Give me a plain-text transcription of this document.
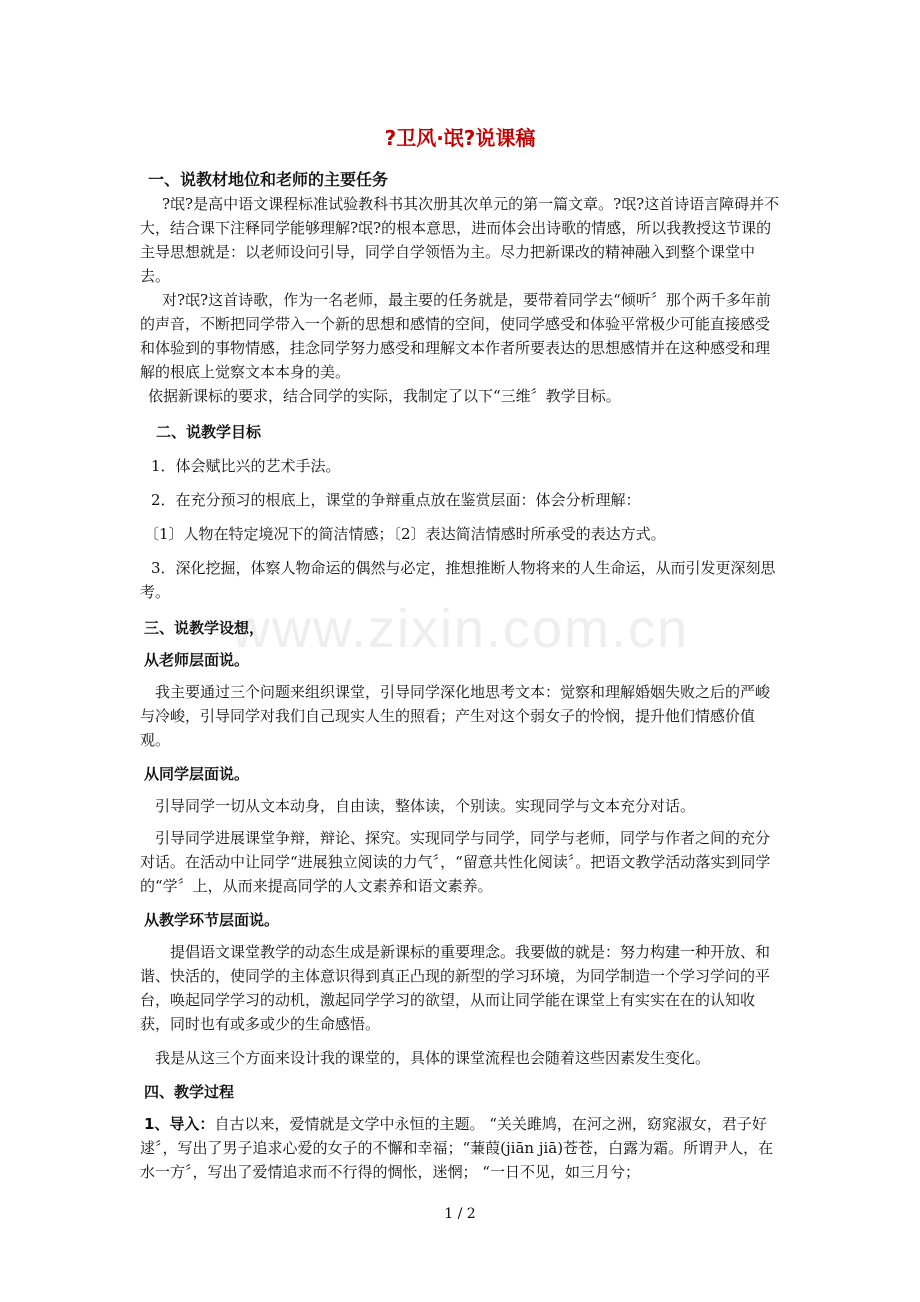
?卫风·氓?说课稿
www.zixin.com.cn

一、说教材地位和老师的主要任务

?氓?是高中语文课程标准试验教科书其次册其次单元的第一篇文章。?氓?这首诗语言障碍并不大，结合课下注释同学能够理解?氓?的根本意思，进而体会出诗歌的情感，所以我教授这节课的主导思想就是：以老师设问引导，同学自学领悟为主。尽力把新课改的精神融入到整个课堂中去。

对?氓?这首诗歌，作为一名老师，最主要的任务就是，要带着同学去“倾听〞那个两千多年前的声音，不断把同学带入一个新的思想和感情的空间，使同学感受和体验平常极少可能直接感受和体验到的事物情感，挂念同学努力感受和理解文本作者所要表达的思想感情并在这种感受和理解的根底上觉察文本本身的美。

依据新课标的要求，结合同学的实际，我制定了以下“三维〞教学目标。

二、说教学目标

1．体会赋比兴的艺术手法。

2．在充分预习的根底上，课堂的争辩重点放在鉴赏层面：体会分析理解：

〔1〕人物在特定境况下的简洁情感；〔2〕表达简洁情感时所承受的表达方式。

3．深化挖掘，体察人物命运的偶然与必定，推想推断人物将来的人生命运，从而引发更深刻思考。

三、说教学设想，

从老师层面说。

我主要通过三个问题来组织课堂，引导同学深化地思考文本：觉察和理解婚姻失败之后的严峻　与冷峻，引导同学对我们自己现实人生的照看；产生对这个弱女子的怜悯，提升他们情感价值观。

从同学层面说。

引导同学一切从文本动身，自由读，整体读，个别读。实现同学与文本充分对话。

引导同学进展课堂争辩，辩论、探究。实现同学与同学，同学与老师，同学与作者之间的充分对话。在活动中让同学“进展独立阅读的力气〞，“留意共性化阅读〞。把语文教学活动落实到同学的“学〞上，从而来提高同学的人文素养和语文素养。

从教学环节层面说。

提倡语文课堂教学的动态生成是新课标的重要理念。我要做的就是：努力构建一种开放、和谐、快活的，使同学的主体意识得到真正凸现的新型的学习环境，为同学制造一个学习学问的平台，唤起同学学习的动机，激起同学学习的欲望，从而让同学能在课堂上有实实在在的认知收获，同时也有或多或少的生命感悟。

我是从这三个方面来设计我的课堂的，具体的课堂流程也会随着这些因素发生变化。

四、教学过程

1、导入：自古以来，爱情就是文学中永恒的主题。 “关关雎鸠，在河之洲，窈窕淑女，君子好逑〞，写出了男子追求心爱的女子的不懈和幸福；“蒹葭(jiān jiā)苍苍，白露为霜。所谓尹人，在水一方〞，写出了爱情追求而不行得的惆怅，迷惘； “一日不见，如三月兮；

1 / 2
